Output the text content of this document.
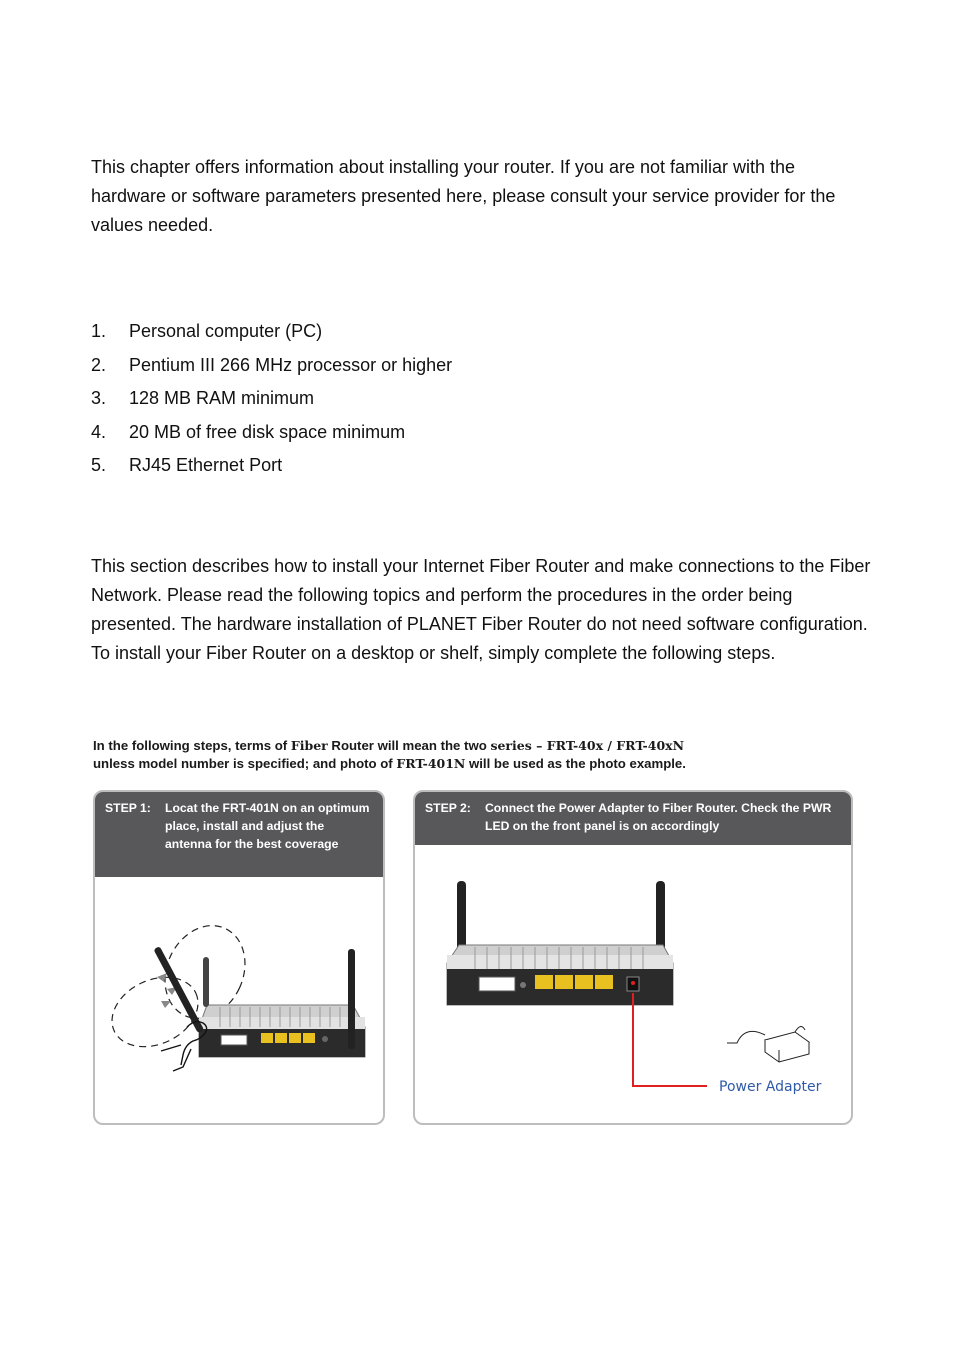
This chapter offers information about installing your router. If you are not familiar with the hardware or software parameters presented here, please consult your service provider for the values needed.

1.	Personal computer (PC)
2.	Pentium III 266 MHz processor or higher
3.	128 MB RAM minimum
4.	20 MB of free disk space minimum
5.	RJ45 Ethernet Port

This section describes how to install your Internet Fiber Router and make connections to the Fiber Network. Please read the following topics and perform the procedures in the order being presented. The hardware installation of PLANET Fiber Router do not need software configuration. To install your Fiber Router on a desktop or shelf, simply complete the following steps.

In the following steps, terms of Fiber Router will mean the two series – FRT-40x / FRT-40xN
unless model number is specified; and photo of FRT-401N will be used as the photo example.
STEP 1:	Locat the FRT-401N on an optimum place, install and adjust the antenna for the best coverage
STEP 2:	Connect the Power Adapter to Fiber Router. Check the PWR LED on the front panel is on accordingly
Power Adapter
